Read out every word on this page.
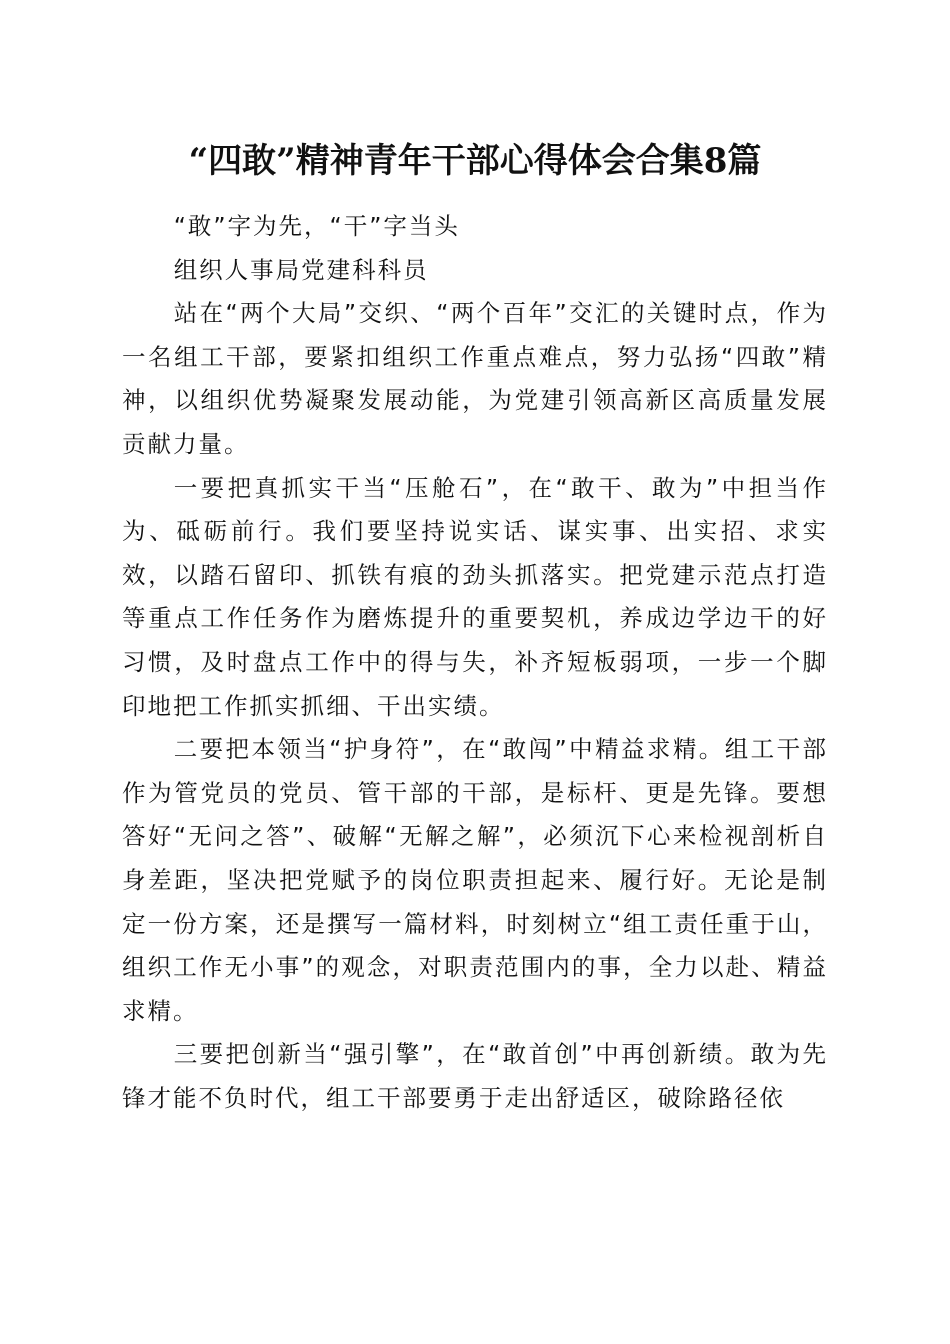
“四敢”精神青年干部心得体会合集8篇

“敢”字为先，“干”字当头

组织人事局党建科科员

站在“两个大局”交织、“两个百年”交汇的关键时点，作为一名组工干部，要紧扣组织工作重点难点，努力弘扬“四敢”精神，以组织优势凝聚发展动能，为党建引领高新区高质量发展贡献力量。

一要把真抓实干当“压舱石”，在“敢干、敢为”中担当作为、砥砺前行。我们要坚持说实话、谋实事、出实招、求实效，以踏石留印、抓铁有痕的劲头抓落实。把党建示范点打造等重点工作任务作为磨炼提升的重要契机，养成边学边干的好习惯，及时盘点工作中的得与失，补齐短板弱项，一步一个脚印地把工作抓实抓细、干出实绩。

二要把本领当“护身符”，在“敢闯”中精益求精。组工干部作为管党员的党员、管干部的干部，是标杆、更是先锋。要想答好“无问之答”、破解“无解之解”，必须沉下心来检视剖析自身差距，坚决把党赋予的岗位职责担起来、履行好。无论是制定一份方案，还是撰写一篇材料，时刻树立“组工责任重于山，组织工作无小事”的观念，对职责范围内的事，全力以赴、精益求精。

三要把创新当“强引擎”，在“敢首创”中再创新绩。敢为先锋才能不负时代，组工干部要勇于走出舒适区，破除路径依
